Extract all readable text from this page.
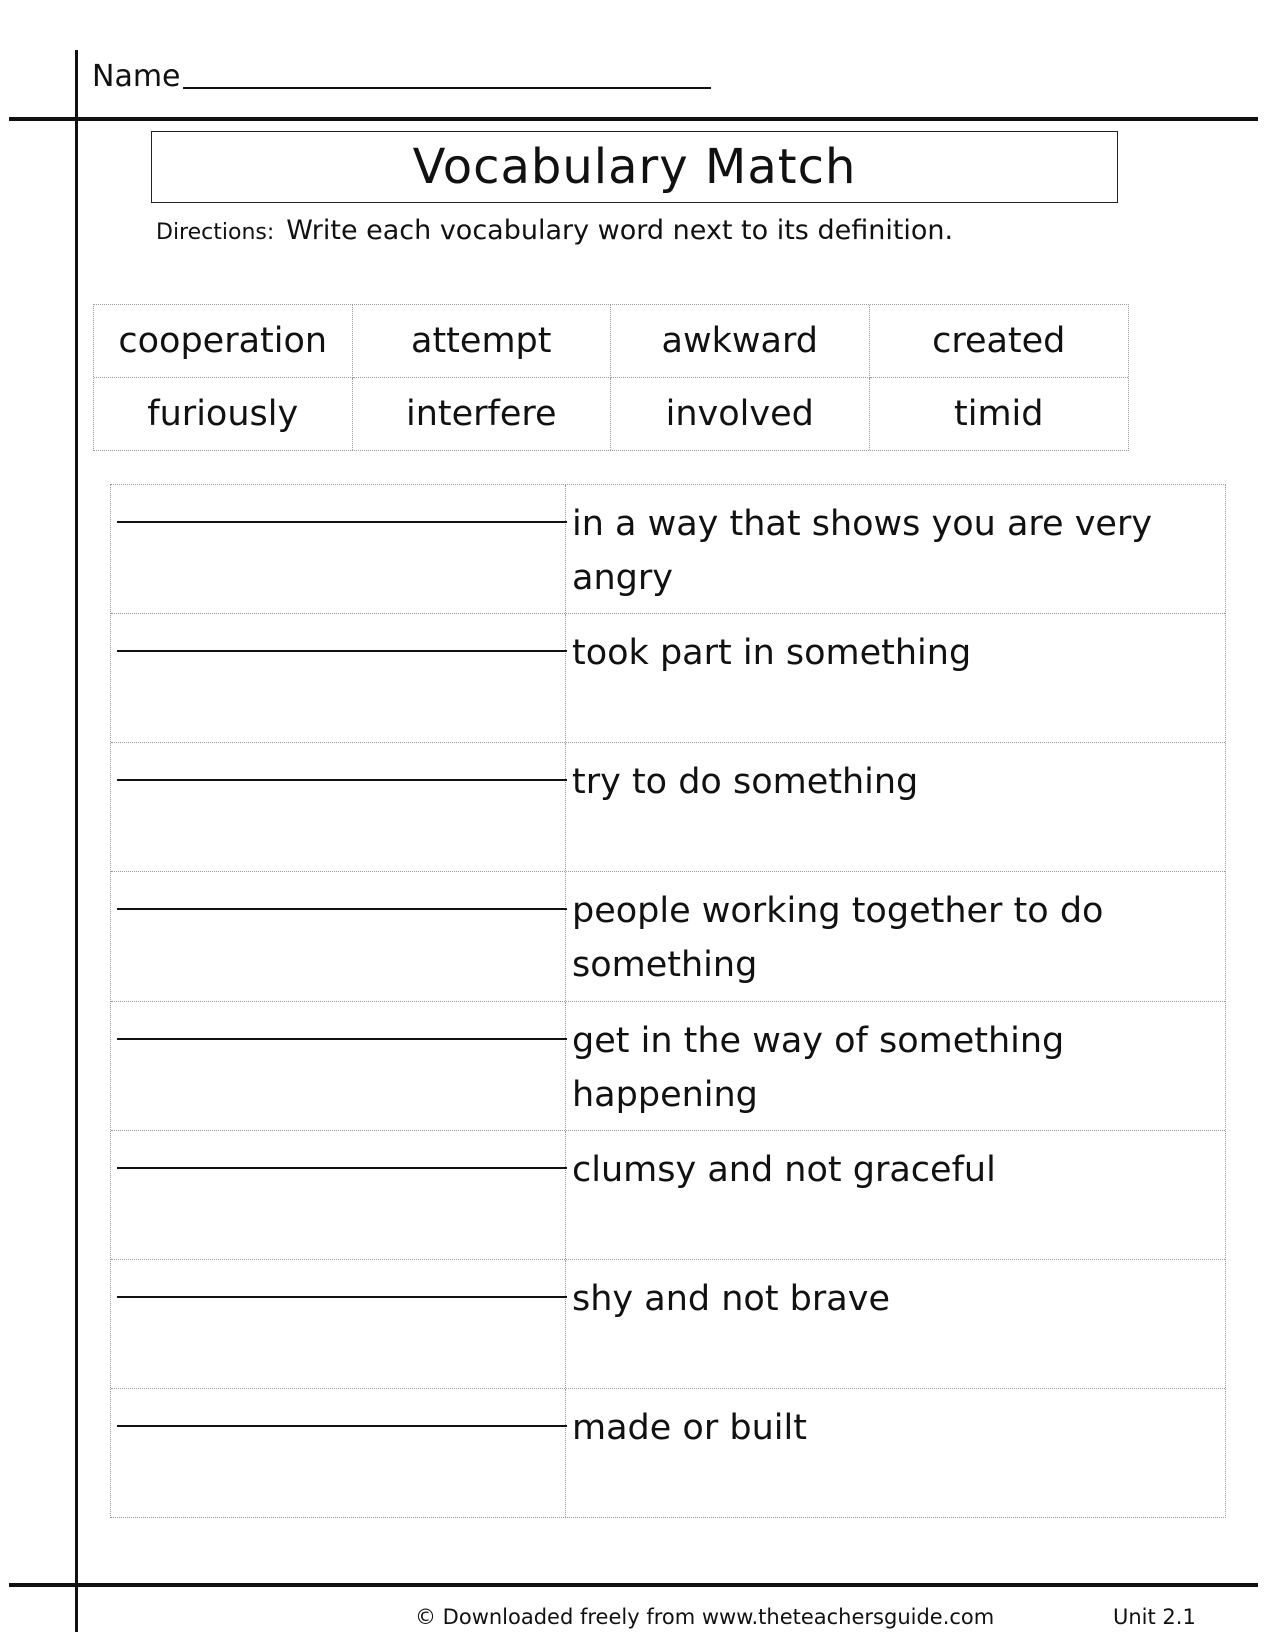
Name
Vocabulary Match
Directions: Write each vocabulary word next to its definition.
cooperation	attempt	awkward	created
furiously	interfere	involved	timid
in a way that shows you are very angry
took part in something
try to do something
people working together to do something
get in the way of something happening
clumsy and not graceful
shy and not brave
made or built
© Downloaded freely from www.theteachersguide.com	Unit 2.1
